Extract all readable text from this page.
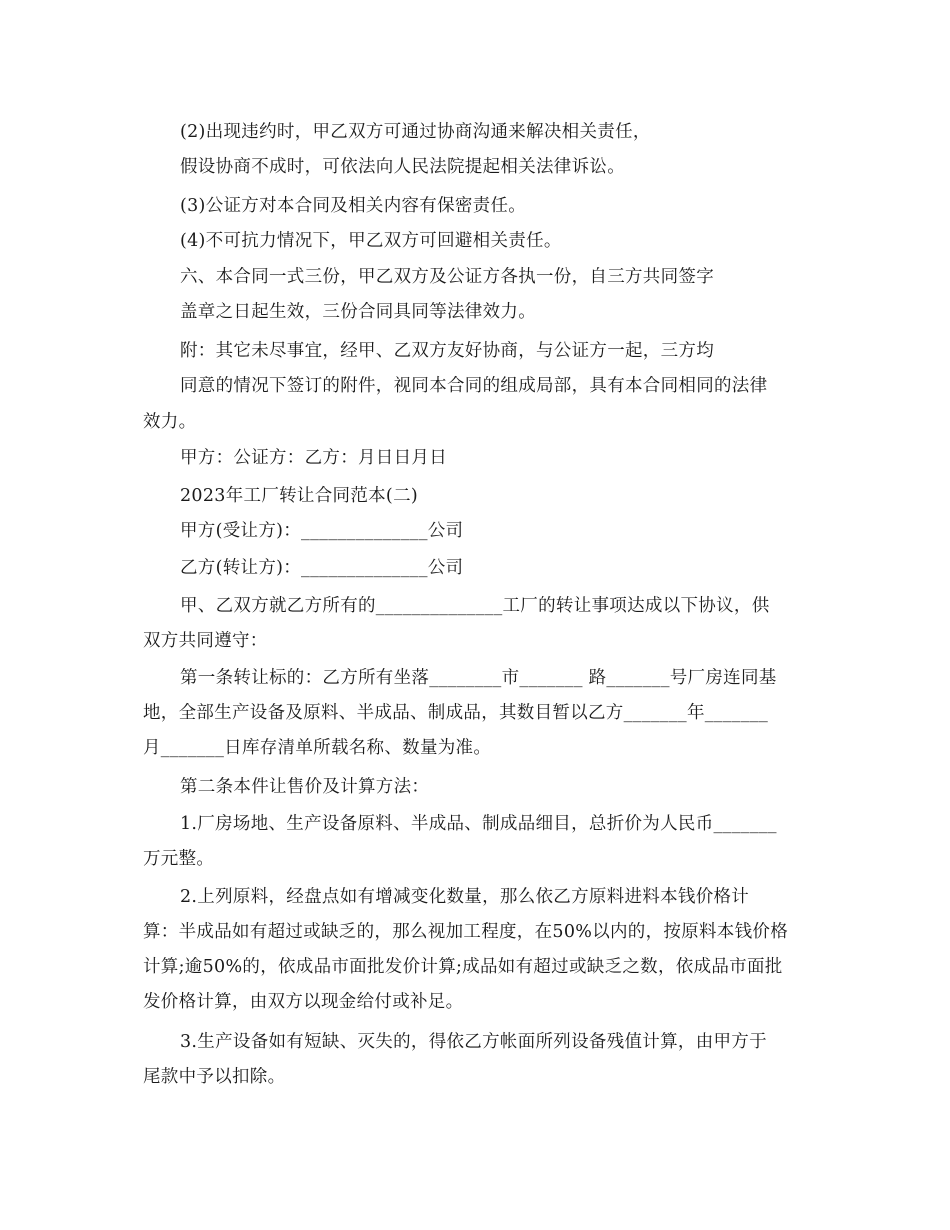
(2)出现违约时，甲乙双方可通过协商沟通来解决相关责任，
假设协商不成时，可依法向人民法院提起相关法律诉讼。
(3)公证方对本合同及相关内容有保密责任。
(4)不可抗力情况下，甲乙双方可回避相关责任。
六、本合同一式三份，甲乙双方及公证方各执一份，自三方共同签字
盖章之日起生效，三份合同具同等法律效力。
附：其它未尽事宜，经甲、乙双方友好协商，与公证方一起，三方均
同意的情况下签订的附件，视同本合同的组成局部，具有本合同相同的法律
效力。
甲方：公证方：乙方：月日日月日
2023年工厂转让合同范本(二)
甲方(受让方)：______________公司
乙方(转让方)：______________公司
甲、乙双方就乙方所有的______________工厂的转让事项达成以下协议，供
双方共同遵守：
第一条转让标的：乙方所有坐落________市_______ 路_______号厂房连同基
地，全部生产设备及原料、半成品、制成品，其数目暂以乙方_______年_______
月_______日库存清单所载名称、数量为准。
第二条本件让售价及计算方法：
1.厂房场地、生产设备原料、半成品、制成品细目，总折价为人民币_______
万元整。
2.上列原料，经盘点如有增减变化数量，那么依乙方原料进料本钱价格计
算：半成品如有超过或缺乏的，那么视加工程度，在50%以内的，按原料本钱价格
计算;逾50%的，依成品市面批发价计算;成品如有超过或缺乏之数，依成品市面批
发价格计算，由双方以现金给付或补足。
3.生产设备如有短缺、灭失的，得依乙方帐面所列设备残值计算，由甲方于
尾款中予以扣除。
